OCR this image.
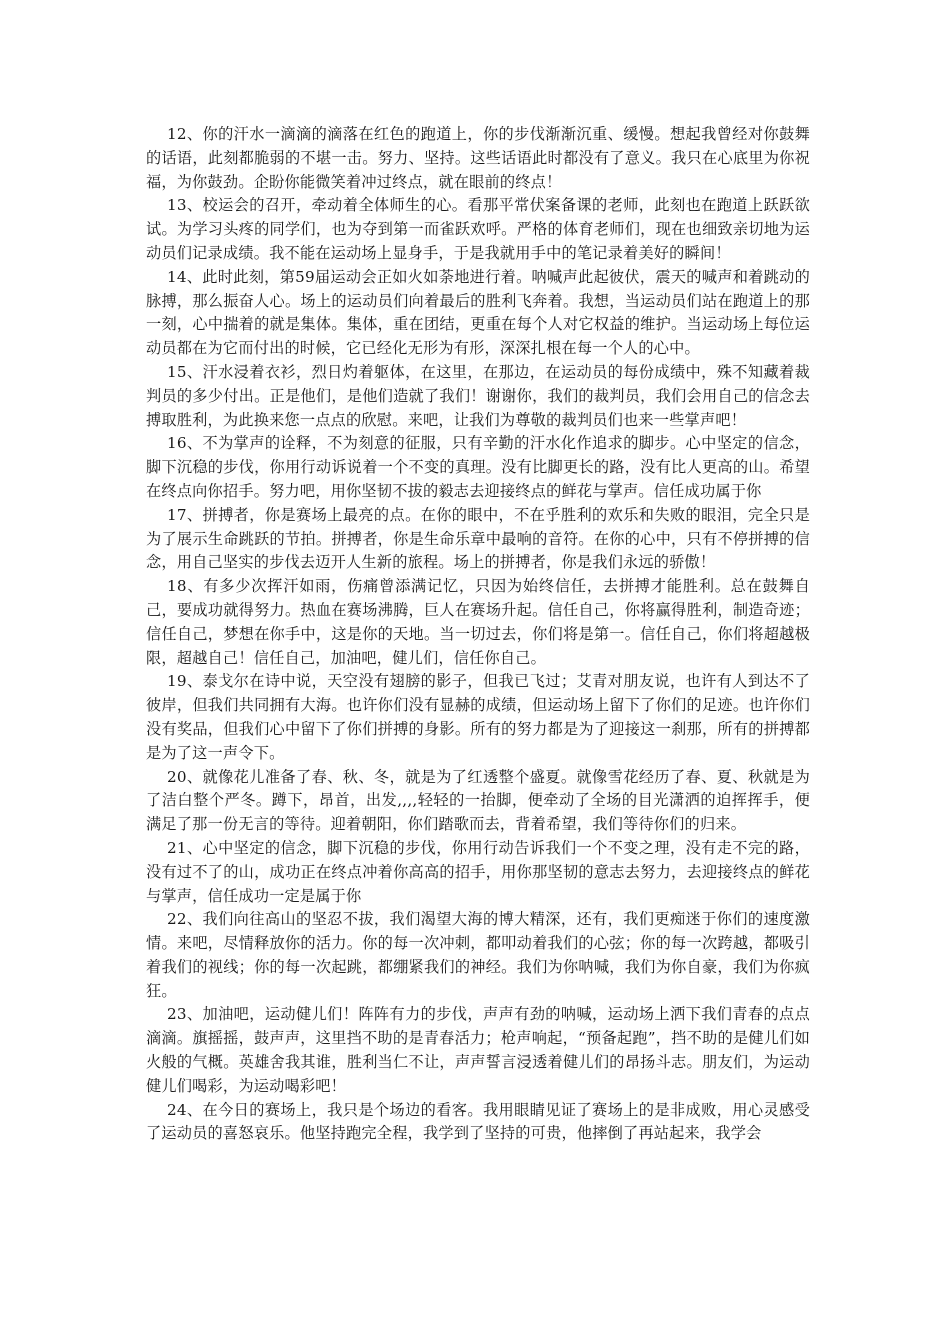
12、你的汗水一滴滴的滴落在红色的跑道上，你的步伐渐渐沉重、缓慢。想起我曾经对你鼓舞的话语，此刻都脆弱的不堪一击。努力、坚持。这些话语此时都没有了意义。我只在心底里为你祝福，为你鼓劲。企盼你能微笑着冲过终点，就在眼前的终点！

13、校运会的召开，牵动着全体师生的心。看那平常伏案备课的老师，此刻也在跑道上跃跃欲试。为学习头疼的同学们，也为夺到第一而雀跃欢呼。严格的体育老师们，现在也细致亲切地为运动员们记录成绩。我不能在运动场上显身手，于是我就用手中的笔记录着美好的瞬间！

14、此时此刻，第59届运动会正如火如荼地进行着。呐喊声此起彼伏，震天的喊声和着跳动的脉搏，那么振奋人心。场上的运动员们向着最后的胜利飞奔着。我想，当运动员们站在跑道上的那一刻，心中揣着的就是集体。集体，重在团结，更重在每个人对它权益的维护。当运动场上每位运动员都在为它而付出的时候，它已经化无形为有形，深深扎根在每一个人的心中。

15、汗水浸着衣衫，烈日灼着躯体，在这里，在那边，在运动员的每份成绩中，殊不知藏着裁判员的多少付出。正是他们，是他们造就了我们！谢谢你，我们的裁判员，我们会用自己的信念去搏取胜利，为此换来您一点点的欣慰。来吧，让我们为尊敬的裁判员们也来一些掌声吧！

16、不为掌声的诠释，不为刻意的征服，只有辛勤的汗水化作追求的脚步。心中坚定的信念，脚下沉稳的步伐，你用行动诉说着一个不变的真理。没有比脚更长的路，没有比人更高的山。希望在终点向你招手。努力吧，用你坚韧不拔的毅志去迎接终点的鲜花与掌声。信任成功属于你

17、拼搏者，你是赛场上最亮的点。在你的眼中，不在乎胜利的欢乐和失败的眼泪，完全只是为了展示生命跳跃的节拍。拼搏者，你是生命乐章中最响的音符。在你的心中，只有不停拼搏的信念，用自己坚实的步伐去迈开人生新的旅程。场上的拼搏者，你是我们永远的骄傲！

18、有多少次挥汗如雨，伤痛曾添满记忆，只因为始终信任，去拼搏才能胜利。总在鼓舞自己，要成功就得努力。热血在赛场沸腾，巨人在赛场升起。信任自己，你将赢得胜利，制造奇迹；信任自己，梦想在你手中，这是你的天地。当一切过去，你们将是第一。信任自己，你们将超越极限，超越自己！信任自己，加油吧，健儿们，信任你自己。

19、泰戈尔在诗中说，天空没有翅膀的影子，但我已飞过；艾青对朋友说，也许有人到达不了彼岸，但我们共同拥有大海。也许你们没有显赫的成绩，但运动场上留下了你们的足迹。也许你们没有奖品，但我们心中留下了你们拼搏的身影。所有的努力都是为了迎接这一刹那，所有的拼搏都是为了这一声令下。

20、就像花儿准备了春、秋、冬，就是为了红透整个盛夏。就像雪花经历了春、夏、秋就是为了洁白整个严冬。蹲下，昂首，出发,,,,轻轻的一抬脚，便牵动了全场的目光潇洒的迫挥挥手，便满足了那一份无言的等待。迎着朝阳，你们踏歌而去，背着希望，我们等待你们的归来。

21、心中坚定的信念，脚下沉稳的步伐，你用行动告诉我们一个不变之理，没有走不完的路，没有过不了的山，成功正在终点冲着你高高的招手，用你那坚韧的意志去努力，去迎接终点的鲜花与掌声，信任成功一定是属于你

22、我们向往高山的坚忍不拔，我们渴望大海的博大精深，还有，我们更痴迷于你们的速度激情。来吧，尽情释放你的活力。你的每一次冲刺，都叩动着我们的心弦；你的每一次跨越，都吸引着我们的视线；你的每一次起跳，都绷紧我们的神经。我们为你呐喊，我们为你自豪，我们为你疯狂。

23、加油吧，运动健儿们！阵阵有力的步伐，声声有劲的呐喊，运动场上洒下我们青春的点点滴滴。旗摇摇，鼓声声，这里挡不助的是青春活力；枪声响起，“预备起跑”，挡不助的是健儿们如火般的气概。英雄舍我其谁，胜利当仁不让，声声誓言浸透着健儿们的昂扬斗志。朋友们，为运动健儿们喝彩，为运动喝彩吧！

24、在今日的赛场上，我只是个场边的看客。我用眼睛见证了赛场上的是非成败，用心灵感受了运动员的喜怒哀乐。他坚持跑完全程，我学到了坚持的可贵，他摔倒了再站起来，我学会
